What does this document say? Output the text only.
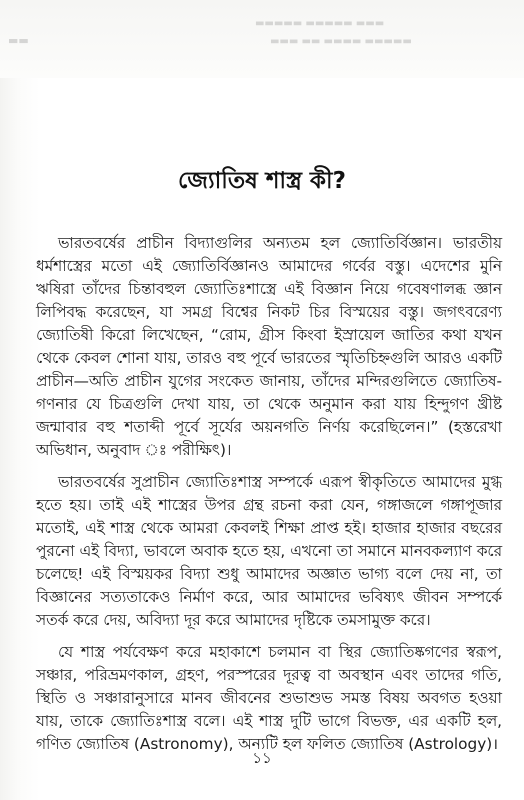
▬▬▬ ▬▬▬▬▬ ▬▬▬▬▬
▬▬▬▬▬ ▬▬▬▬ ▬▬ ▬▬▬
▬▬
জ্যোতিষ শাস্ত্র কী?

ভারতবর্ষের প্রাচীন বিদ্যাগুলির অন্যতম হল জ্যোতির্বিজ্ঞান। ভারতীয় ধর্মশাস্ত্রের মতো এই জ্যোতির্বিজ্ঞানও আমাদের গর্বের বস্তু। এদেশের মুনি ঋষিরা তাঁদের চিন্তাবহুল জ্যোতিঃশাস্ত্রে এই বিজ্ঞান নিয়ে গবেষণালব্ধ জ্ঞান লিপিবদ্ধ করেছেন, যা সমগ্র বিশ্বের নিকট চির বিস্ময়ের বস্তু। জগৎবরেণ্য জ্যোতিষী কিরো লিখেছেন, “রোম, গ্রীস কিংবা ইস্রায়েল জাতির কথা যখন থেকে কেবল শোনা যায়, তারও বহু পূর্বে ভারতের স্মৃতিচিহ্নগুলি আরও একটি প্রাচীন—অতি প্রাচীন যুগের সংকেত জানায়, তাঁদের মন্দিরগুলিতে জ্যোতিষ-গণনার যে চিত্রগুলি দেখা যায়, তা থেকে অনুমান করা যায় হিন্দুগণ খ্রীষ্ট জন্মাবার বহু শতাব্দী পূর্বে সূর্যের অয়নগতি নির্ণয় করেছিলেন।” (হস্তরেখা অভিধান, অনুবাদ ঃ পরীক্ষিৎ)।

ভারতবর্ষের সুপ্রাচীন জ্যোতিঃশাস্ত্র সম্পর্কে এরূপ স্বীকৃতিতে আমাদের মুগ্ধ হতে হয়। তাই এই শাস্ত্রের উপর গ্রন্থ রচনা করা যেন, গঙ্গাজলে গঙ্গাপূজার মতোই, এই শাস্ত্র থেকে আমরা কেবলই শিক্ষা প্রাপ্ত হই। হাজার হাজার বছরের পুরনো এই বিদ্যা, ভাবলে অবাক হতে হয়, এখনো তা সমানে মানবকল্যাণ করে চলেছে! এই বিস্ময়কর বিদ্যা শুধু আমাদের অজ্ঞাত ভাগ্য বলে দেয় না, তা বিজ্ঞানের সত্যতাকেও নির্মাণ করে, আর আমাদের ভবিষ্যৎ জীবন সম্পর্কে সতর্ক করে দেয়, অবিদ্যা দূর করে আমাদের দৃষ্টিকে তমসামুক্ত করে।

যে শাস্ত্র পর্যবেক্ষণ করে মহাকাশে চলমান বা স্থির জ্যোতিষ্কগণের স্বরূপ, সঞ্চার, পরিভ্রমণকাল, গ্রহণ, পরস্পরের দূরত্ব বা অবস্থান এবং তাদের গতি, স্থিতি ও সঞ্চারানুসারে মানব জীবনের শুভাশুভ সমস্ত বিষয় অবগত হওয়া যায়, তাকে জ্যোতিঃশাস্ত্র বলে। এই শাস্ত্র দুটি ভাগে বিভক্ত, এর একটি হল, গণিত জ্যোতিষ (Astronomy), অন্যটি হল ফলিত জ্যোতিষ (Astrology)।

১১
